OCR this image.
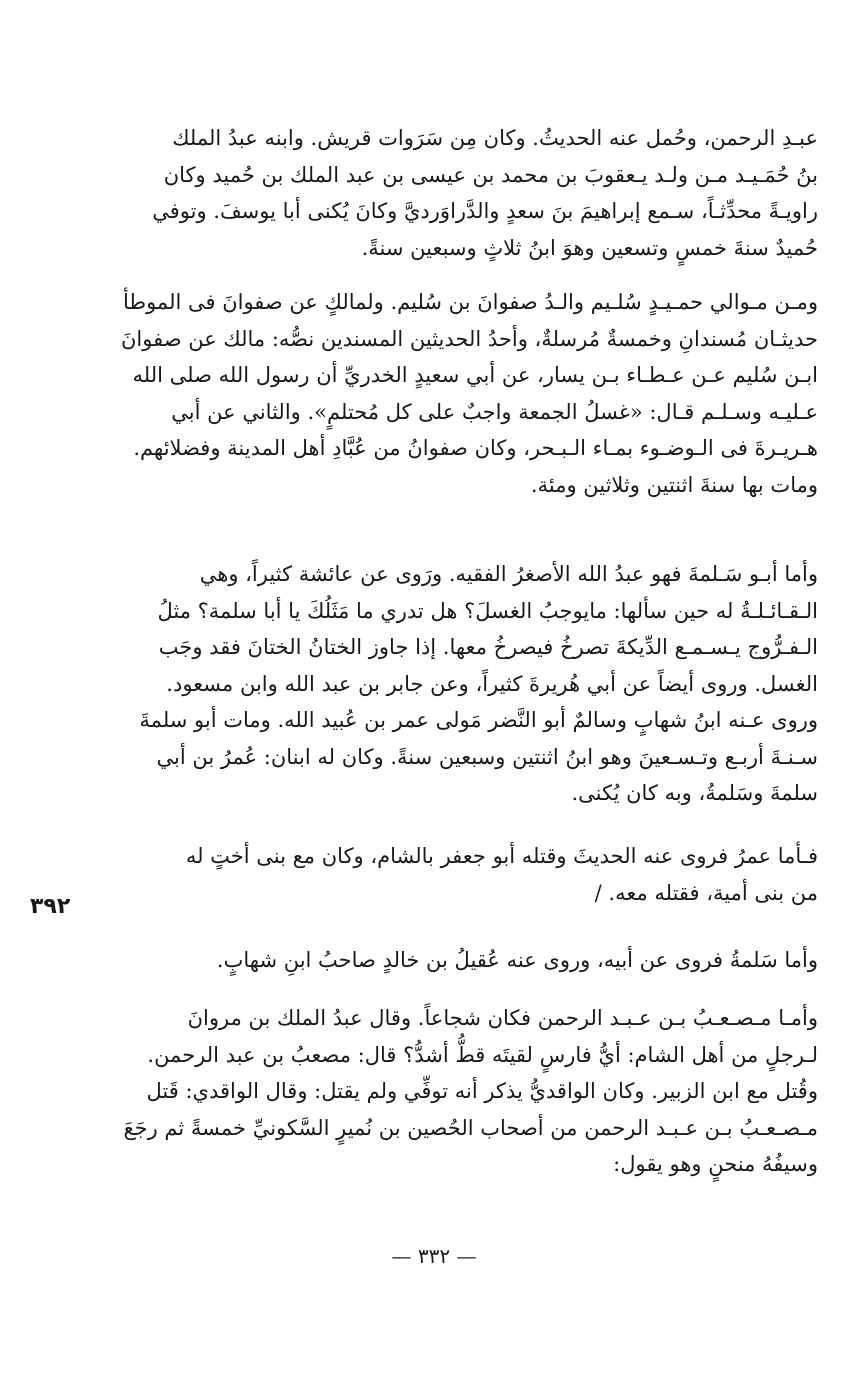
عبـدِ الرحمن، وحُمل عنه الحديثُ. وكان مِن سَرَوات قريش. وابنه عبدُ الملك
بنُ حُمَـيـد مـن ولـد يـعقوبَ بن محمد بن عيسى بن عبد الملك بن حُميد وكان
راويـةً محدِّثـاً، سـمع إبراهيمَ بنَ سعدٍ والدَّراوَرديَّ وكانَ يُكنى أبا يوسفَ. وتوفي
حُميدٌ سنةَ خمسٍ وتسعين وهوَ ابنُ ثلاثٍ وسبعين سنةً.
ومـن مـوالي حمـيـدٍ سُلـيم والـدُ صفوانَ بن سُليم. ولمالكٍ عن صفوانَ فى الموطأ
حديثـان مُسندانِ وخمسةٌ مُرسلةٌ، وأحدُ الحديثين المسندين نصُّه: مالك عن صفوانَ
ابـن سُليم عـن عـطـاء بـن يسار، عن أبي سعيدٍ الخدريِّ أن رسول الله صلى الله
عـليـه وسـلـم قـال: «غسلُ الجمعة واجبٌ على كل مُحتلمٍ». والثاني عن أبي
هـريـرةَ فى الـوضـوء بمـاء الـبـحر، وكان صفوانُ من عُبَّادِ أهل المدينة وفضلائهم.
ومات بها سنةَ اثنتين وثلاثين ومئة.
وأما أبـو سَـلمةَ فهو عبدُ الله الأصغرُ الفقيه. ورَوى عن عائشة كثيراً، وهي
الـقـائـلـةُ له حين سألها: مايوجبُ الغسلَ؟ هل تدري ما مَثَلُكَ يا أبا سلمة؟ مثلُ
الـفـرُّوج يـسـمـع الدِّيكةَ تصرخُ فيصرخُ معها. إذا جاوز الختانُ الختانَ فقد وجَب
الغسل. وروى أيضاً عن أبي هُريرةَ كثيراً، وعن جابر بن عبد الله وابن مسعود.
وروى عـنه ابنُ شهابٍ وسالمٌ أبو النَّضر مَولى عمر بن عُبيد الله. ومات أبو سلمةَ
سـنـةَ أربـع وتـسـعينَ وهو ابنُ اثنتين وسبعين سنةً. وكان له ابنان: عُمرُ بن أبي
سلمةَ وسَلمةُ، وبه كان يُكنى.
فـأما عمرُ فروى عنه الحديثَ وقتله أبو جعفر بالشام، وكان مع بنى أختٍ له
من بنى أمية، فقتله معه. /
٣٩٢
وأما سَلمةُ فروى عن أبيه، وروى عنه عُقيلُ بن خالدٍ صاحبُ ابنِ شهابٍ.
وأمـا مـصـعـبُ بـن عـبـد الرحمن فكان شجاعاً. وقال عبدُ الملك بن مروانَ
لـرجلٍ من أهل الشام: أيُّ فارسٍ لقيتَه قطُّ أشدُّ؟ قال: مصعبُ بن عبد الرحمن.
وقُتل مع ابن الزبير. وكان الواقديُّ يذكر أنه توفِّي ولم يقتل: وقال الواقدي: قَتل
مـصـعـبُ بـن عـبـد الرحمن من أصحاب الحُصين بن نُميرٍ السَّكونيِّ خمسةً ثم رجَعَ
وسيفُهُ منحنٍ وهو يقول:
— ٣٣٢ —
